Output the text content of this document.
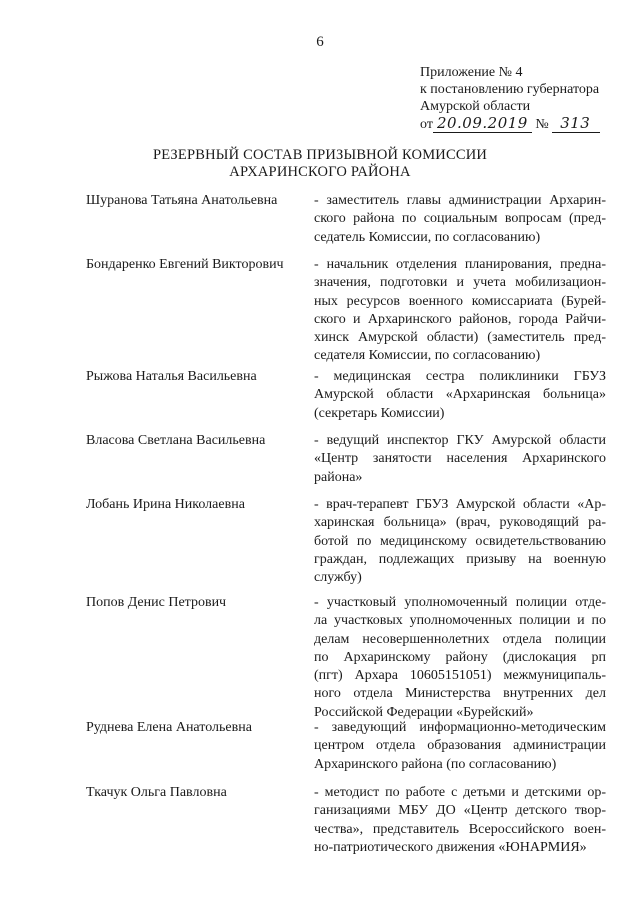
6
Приложение № 4
к постановлению губернатора
Амурской области
от 20.09.2019 № 313
РЕЗЕРВНЫЙ СОСТАВ ПРИЗЫВНОЙ КОМИССИИ
АРХАРИНСКОГО РАЙОНА
Шуранова Татьяна Анатольевна	- заместитель главы администрации Архарин-
ского района по социальным вопросам (пред-
седатель Комиссии, по согласованию)
Бондаренко Евгений Викторович	- начальник отделения планирования, предна-
значения, подготовки и учета мобилизацион-
ных ресурсов военного комиссариата (Бурей-
ского и Архаринского районов, города Райчи-
хинск Амурской области) (заместитель пред-
седателя Комиссии, по согласованию)
Рыжова Наталья Васильевна	- медицинская сестра поликлиники ГБУЗ
Амурской области «Архаринская больница»
(секретарь Комиссии)
Власова Светлана Васильевна	- ведущий инспектор ГКУ Амурской области
«Центр занятости населения Архаринского
района»
Лобань Ирина Николаевна	- врач-терапевт ГБУЗ Амурской области «Ар-
харинская больница» (врач, руководящий ра-
ботой по медицинскому освидетельствованию
граждан, подлежащих призыву на военную
службу)
Попов Денис Петрович	- участковый уполномоченный полиции отде-
ла участковых уполномоченных полиции и по
делам несовершеннолетних отдела полиции
по Архаринскому району (дислокация рп
(пгт) Архара 10605151051) межмуниципаль-
ного отдела Министерства внутренних дел
Российской Федерации «Бурейский»
Руднева Елена Анатольевна	- заведующий информационно-методическим
центром отдела образования администрации
Архаринского района (по согласованию)
Ткачук Ольга Павловна	- методист по работе с детьми и детскими ор-
ганизациями МБУ ДО «Центр детского твор-
чества», представитель Всероссийского воен-
но-патриотического движения «ЮНАРМИЯ»
